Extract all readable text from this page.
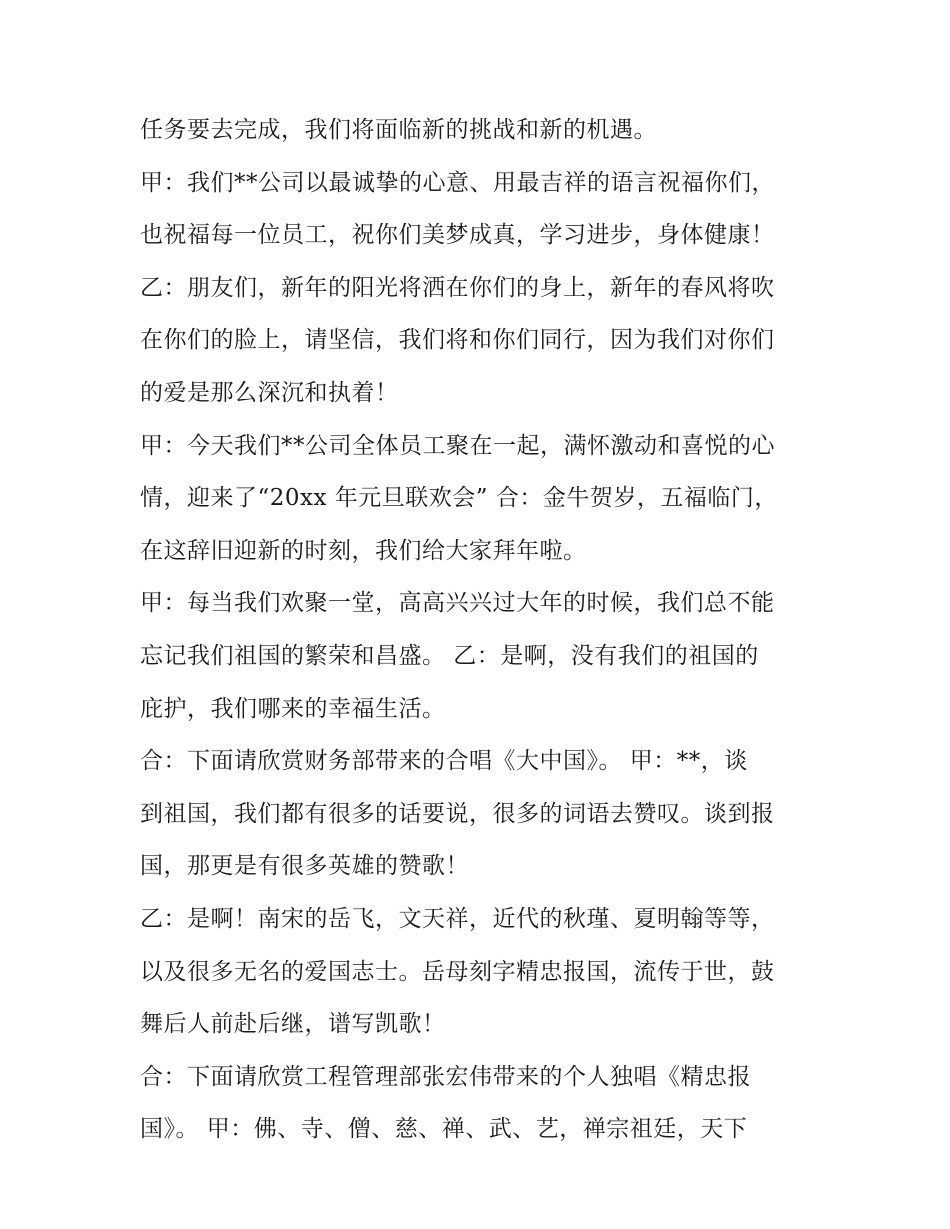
任务要去完成，我们将面临新的挑战和新的机遇。
甲：我们**公司以最诚挚的心意、用最吉祥的语言祝福你们，
也祝福每一位员工，祝你们美梦成真，学习进步，身体健康！
乙：朋友们，新年的阳光将洒在你们的身上，新年的春风将吹
在你们的脸上，请坚信，我们将和你们同行，因为我们对你们
的爱是那么深沉和执着！
甲：今天我们**公司全体员工聚在一起，满怀激动和喜悦的心
情，迎来了“20xx 年元旦联欢会” 合：金牛贺岁，五福临门，
在这辞旧迎新的时刻，我们给大家拜年啦。
甲：每当我们欢聚一堂，高高兴兴过大年的时候，我们总不能
忘记我们祖国的繁荣和昌盛。 乙：是啊，没有我们的祖国的
庇护，我们哪来的幸福生活。
合：下面请欣赏财务部带来的合唱《大中国》。 甲：**，谈
到祖国，我们都有很多的话要说，很多的词语去赞叹。谈到报
国，那更是有很多英雄的赞歌！
乙：是啊！南宋的岳飞，文天祥，近代的秋瑾、夏明翰等等，
以及很多无名的爱国志士。岳母刻字精忠报国，流传于世，鼓
舞后人前赴后继，谱写凯歌！
合：下面请欣赏工程管理部张宏伟带来的个人独唱《精忠报
国》。 甲：佛、寺、僧、慈、禅、武、艺，禅宗祖廷，天下
